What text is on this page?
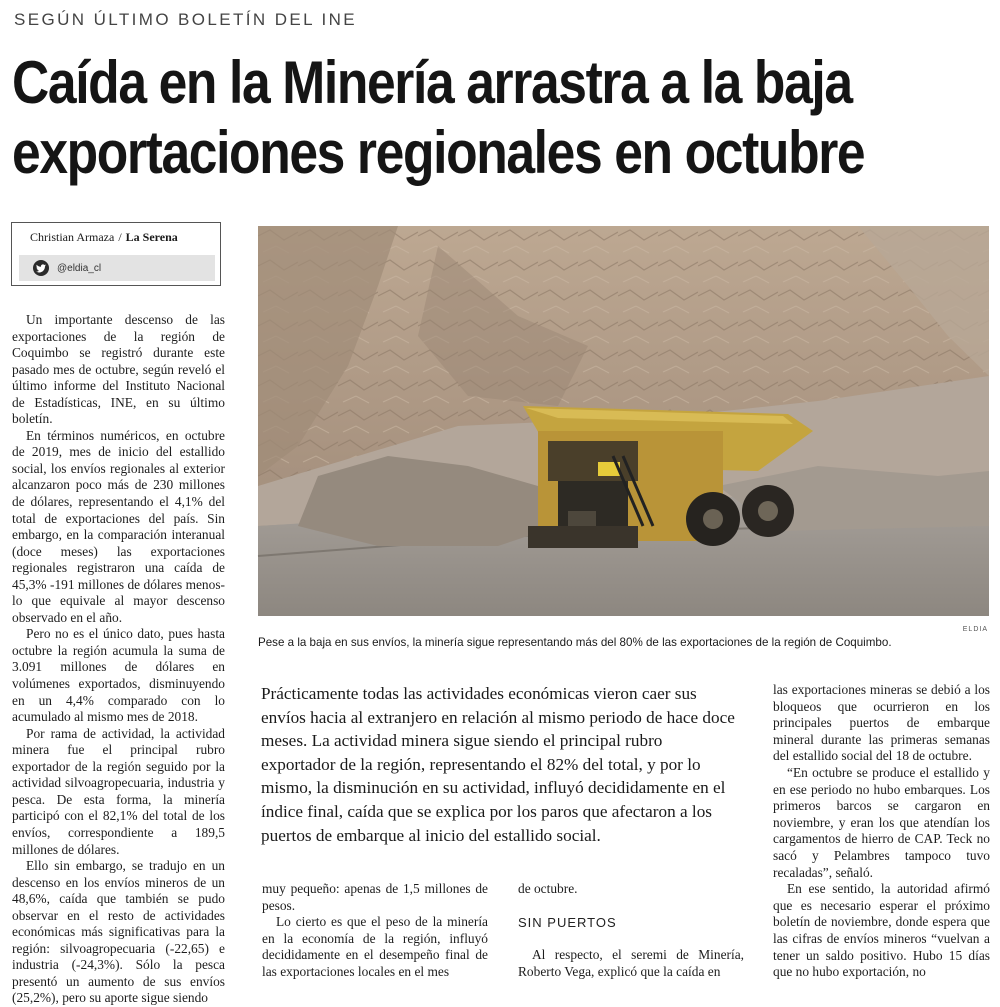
SEGÚN ÚLTIMO BOLETÍN DEL INE
Caída en la Minería arrastra a la baja
exportaciones regionales en octubre
Christian Armaza / La Serena
@eldia_cl
ELDIA
Pese a la baja en sus envíos, la minería sigue representando más del 80% de las exportaciones de la región de Coquimbo.

Un importante descenso de las exportaciones de la región de Coquimbo se registró durante este pasado mes de octubre, según reveló el último informe del Instituto Nacional de Estadísticas, INE, en su último boletín.

En términos numéricos, en octubre de 2019, mes de inicio del estallido social, los envíos regionales al exterior alcanzaron poco más de 230 millones de dólares, representando el 4,1% del total de exportaciones del país. Sin embargo, en la comparación interanual (doce meses) las exportaciones regionales registraron una caída de 45,3% -191 millones de dólares menos- lo que equivale al mayor descenso observado en el año.

Pero no es el único dato, pues hasta octubre la región acumula la suma de 3.091 millones de dólares en volúmenes exportados, disminuyendo en un 4,4% comparado con lo acumulado al mismo mes de 2018.

Por rama de actividad, la actividad minera fue el principal rubro exportador de la región seguido por la actividad silvoagropecuaria, industria y pesca. De esta forma, la minería participó con el 82,1% del total de los envíos, correspondiente a 189,5 millones de dólares.

Ello sin embargo, se tradujo en un descenso en los envíos mineros de un 48,6%, caída que también se pudo observar en el resto de actividades económicas más significativas para la región: silvoagropecuaria (-22,65) e industria (-24,3%). Sólo la pesca presentó un aumento de sus envíos (25,2%), pero su aporte sigue siendo

Prácticamente todas las actividades económicas vieron caer sus envíos hacia al extranjero en relación al mismo periodo de hace doce meses. La actividad minera sigue siendo el principal rubro exportador de la región, representando el 82% del total, y por lo mismo, la disminución en su actividad, influyó decididamente en el índice final, caída que se explica por los paros que afectaron a los puertos de embarque al inicio del estallido social.

muy pequeño: apenas de 1,5 millones de pesos.

Lo cierto es que el peso de la minería en la economía de la región, influyó decididamente en el desempeño final de las exportaciones locales en el mes

de octubre.

SIN PUERTOS

Al respecto, el seremi de Minería, Roberto Vega, explicó que la caída en

las exportaciones mineras se debió a los bloqueos que ocurrieron en los principales puertos de embarque mineral durante las primeras semanas del estallido social del 18 de octubre.

“En octubre se produce el estallido y en ese periodo no hubo embarques. Los primeros barcos se cargaron en noviembre, y eran los que atendían los cargamentos de hierro de CAP. Teck no sacó y Pelambres tampoco tuvo recaladas”, señaló.

En ese sentido, la autoridad afirmó que es necesario esperar el próximo boletín de noviembre, donde espera que las cifras de envíos mineros “vuelvan a tener un saldo positivo. Hubo 15 días que no hubo exportación, no
